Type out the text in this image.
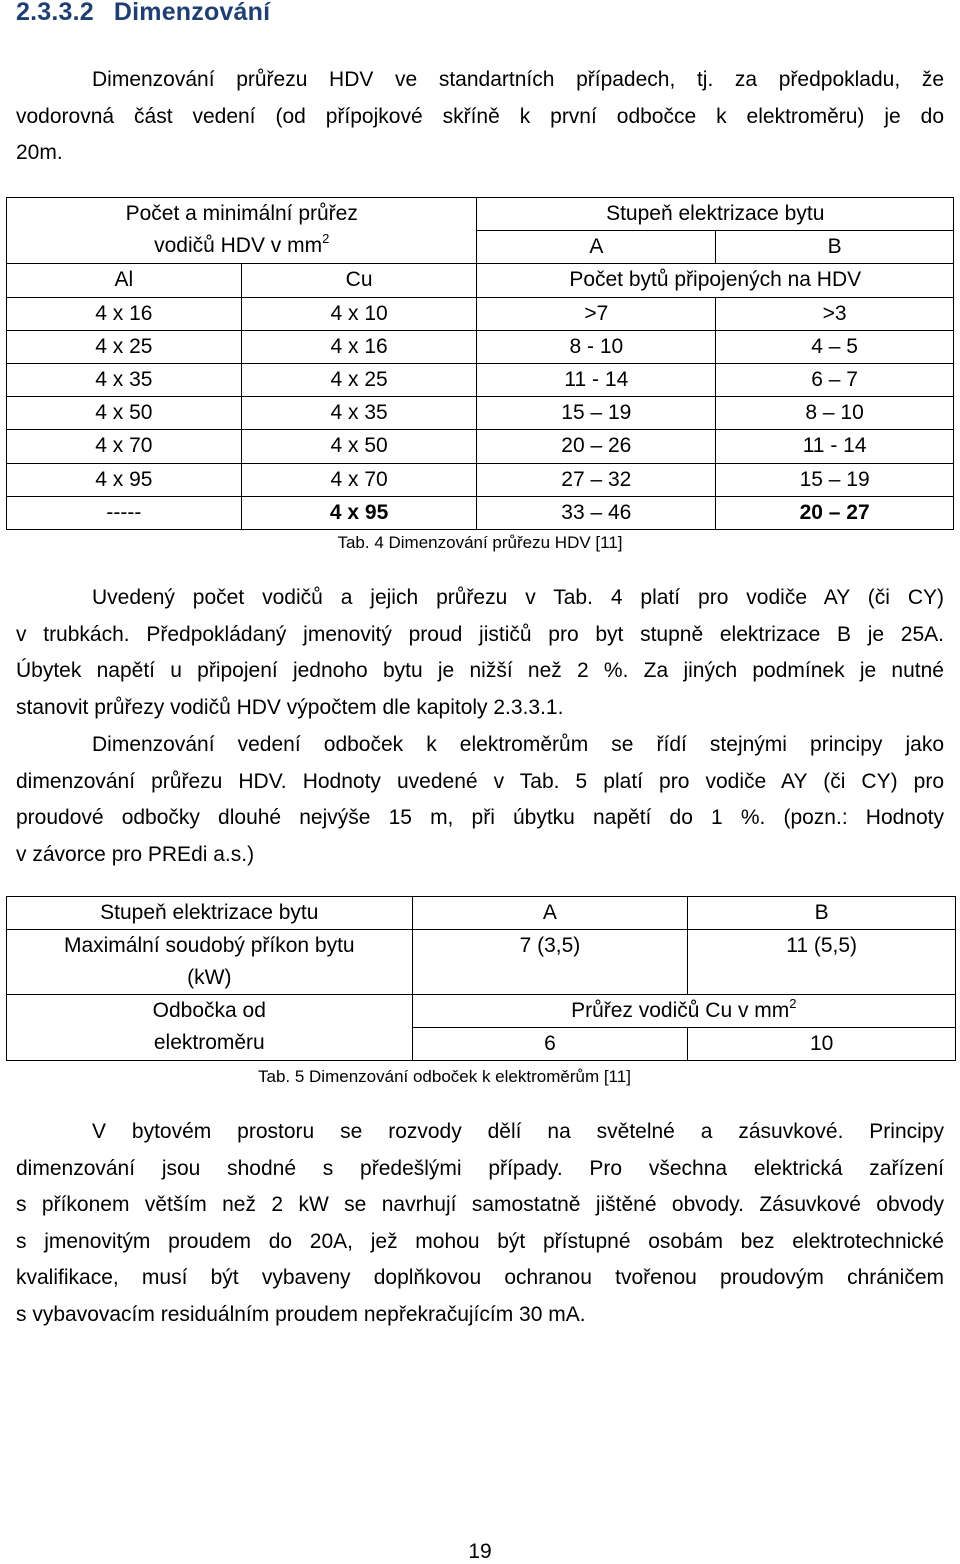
2.3.3.2 Dimenzování
Dimenzování průřezu HDV ve standartních případech, tj. za předpokladu, že
vodorovná část vedení (od přípojkové skříně k první odbočce k elektroměru) je do
20m.
Počet a minimální průřez
vodičů HDV v $mm^2$		Stupeň elektrizace bytu	
		A	B
Al	Cu	Počet bytů připojených na HDV	
4 x 16	4 x 10	>7	>3
4 x 25	4 x 16	8 - 10	4 – 5
4 x 35	4 x 25	11 - 14	6 – 7
4 x 50	4 x 35	15 – 19	8 – 10
4 x 70	4 x 50	20 – 26	11 - 14
4 x 95	4 x 70	27 – 32	15 – 19
-----	4 x 95	33 – 46	20 – 27
Tab. 4 Dimenzování průřezu HDV [11]
Uvedený počet vodičů a jejich průřezu v Tab. 4 platí pro vodiče AY (či CY)
v trubkách. Předpokládaný jmenovitý proud jističů pro byt stupně elektrizace B je 25A.
Úbytek napětí u připojení jednoho bytu je nižší než 2 %. Za jiných podmínek je nutné
stanovit průřezy vodičů HDV výpočtem dle kapitoly 2.3.3.1.
Dimenzování vedení odboček k elektroměrům se řídí stejnými principy jako
dimenzování průřezu HDV. Hodnoty uvedené v Tab. 5 platí pro vodiče AY (či CY) pro
proudové odbočky dlouhé nejvýše 15 m, při úbytku napětí do 1 %. (pozn.: Hodnoty
v závorce pro PREdi a.s.)
Stupeň elektrizace bytu	A	B

Maximální soudobý příkon bytu
(kW)	7 (3,5)	11 (5,5)

Odbočka od
elektroměru	Průřez vodičů Cu v $mm^2$
	6	10
Tab. 5 Dimenzování odboček k elektroměrům [11]
V bytovém prostoru se rozvody dělí na světelné a zásuvkové. Principy
dimenzování jsou shodné s předešlými případy. Pro všechna elektrická zařízení
s příkonem větším než 2 kW se navrhují samostatně jištěné obvody. Zásuvkové obvody
s jmenovitým proudem do 20A, jež mohou být přístupné osobám bez elektrotechnické
kvalifikace, musí být vybaveny doplňkovou ochranou tvořenou proudovým chráničem
s vybavovacím residuálním proudem nepřekračujícím 30 mA.
19
